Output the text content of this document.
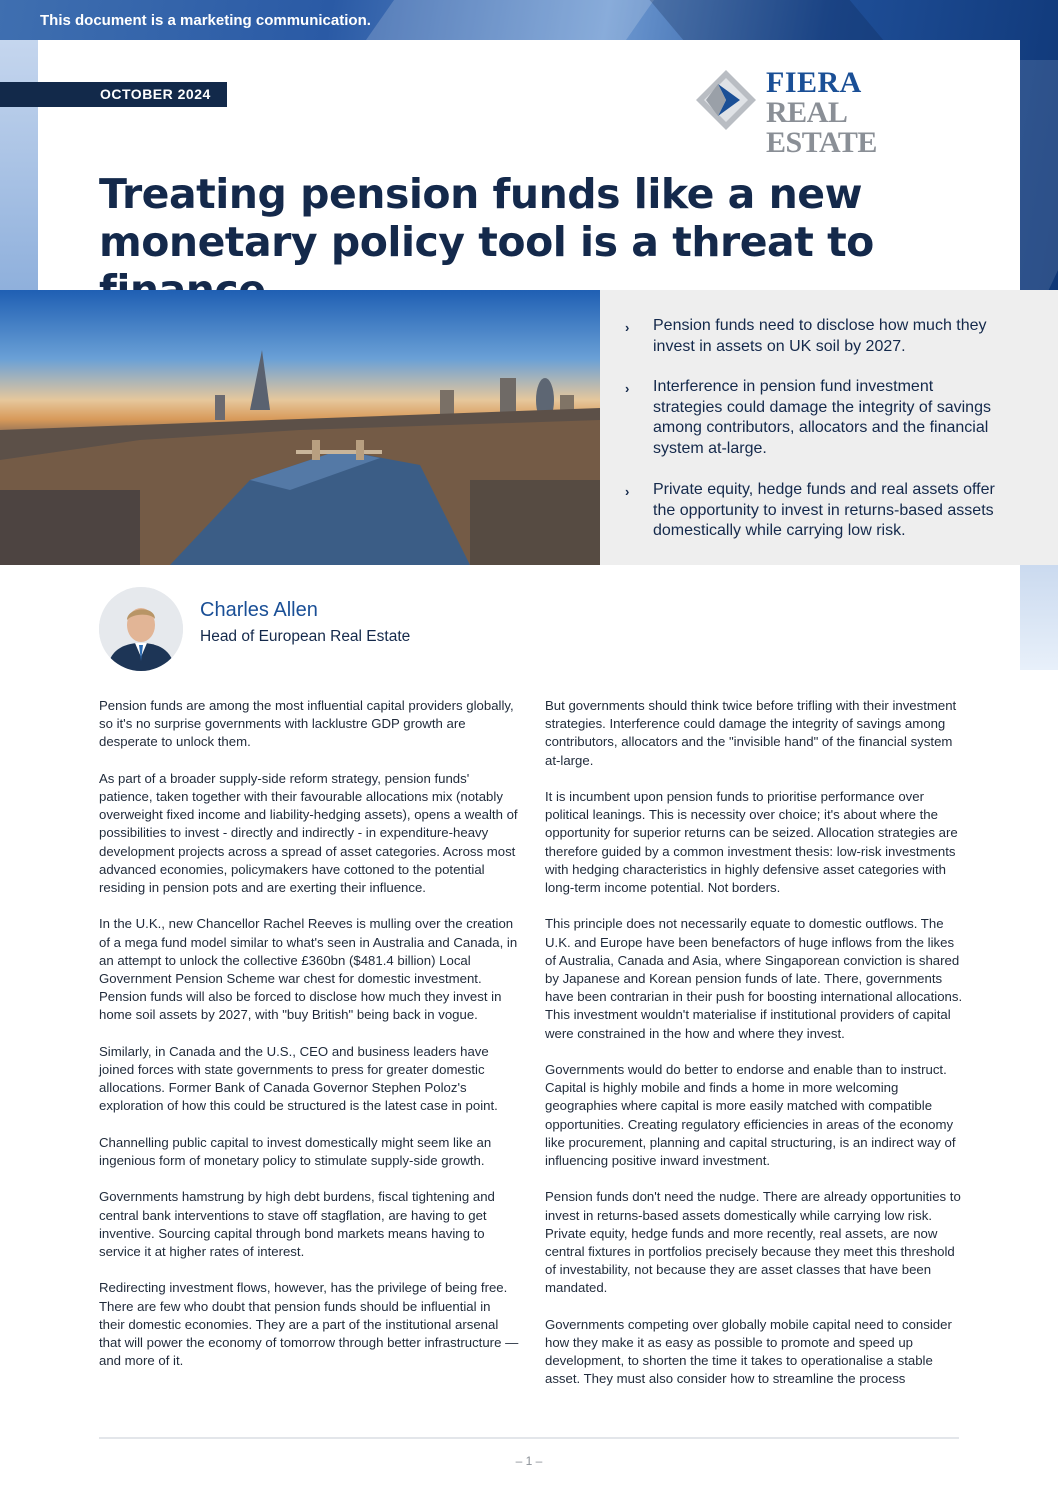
This document is a marketing communication.
OCTOBER 2024	FIERA
REAL ESTATE
Treating pension funds like a new monetary policy tool is a threat to
› Pension funds need to disclose how much they invest in assets on UK soil by 2027.
› Interference in pension fund investment strategies could damage the integrity of savings among contributors, allocators and the financial system at-large.
› Private equity, hedge funds and real assets offer the opportunity to invest in returns-based assets domestically while carrying low risk.
Charles Allen
Head of European Real Estate

Pension funds are among the most influential capital providers globally, so it's no surprise governments with lacklustre GDP growth are desperate to unlock them.

As part of a broader supply-side reform strategy, pension funds' patience, taken together with their favourable allocations mix (notably overweight fixed income and liability-hedging assets), opens a wealth of possibilities to invest - directly and indirectly - in expenditure-heavy development projects across a spread of asset categories. Across most advanced economies, policymakers have cottoned to the potential residing in pension pots and are exerting their influence.

In the U.K., new Chancellor Rachel Reeves is mulling over the creation of a mega fund model similar to what's seen in Australia and Canada, in an attempt to unlock the collective £360bn ($481.4 billion) Local Government Pension Scheme war chest for domestic investment. Pension funds will also be forced to disclose how much they invest in home soil assets by 2027, with "buy British" being back in vogue.

Similarly, in Canada and the U.S., CEO and business leaders have joined forces with state governments to press for greater domestic allocations. Former Bank of Canada Governor Stephen Poloz's exploration of how this could be structured is the latest case in point.

Channelling public capital to invest domestically might seem like an ingenious form of monetary policy to stimulate supply-side growth.

Governments hamstrung by high debt burdens, fiscal tightening and central bank interventions to stave off stagflation, are having to get inventive. Sourcing capital through bond markets means having to service it at higher rates of interest.

Redirecting investment flows, however, has the privilege of being free. There are few who doubt that pension funds should be influential in their domestic economies. They are a part of the institutional arsenal that will power the economy of tomorrow through better infrastructure — and more of it.

But governments should think twice before trifling with their investment strategies. Interference could damage the integrity of savings among contributors, allocators and the "invisible hand" of the financial system at-large.

It is incumbent upon pension funds to prioritise performance over political leanings. This is necessity over choice; it's about where the opportunity for superior returns can be seized. Allocation strategies are therefore guided by a common investment thesis: low-risk investments with hedging characteristics in highly defensive asset categories with long-term income potential. Not borders.

This principle does not necessarily equate to domestic outflows. The U.K. and Europe have been benefactors of huge inflows from the likes of Australia, Canada and Asia, where Singaporean conviction is shared by Japanese and Korean pension funds of late. There, governments have been contrarian in their push for boosting international allocations. This investment wouldn't materialise if institutional providers of capital were constrained in the how and where they invest.

Governments would do better to endorse and enable than to instruct. Capital is highly mobile and finds a home in more welcoming geographies where capital is more easily matched with compatible opportunities. Creating regulatory efficiencies in areas of the economy like procurement, planning and capital structuring, is an indirect way of influencing positive inward investment.

Pension funds don't need the nudge. There are already opportunities to invest in returns-based assets domestically while carrying low risk. Private equity, hedge funds and more recently, real assets, are now central fixtures in portfolios precisely because they meet this threshold of investability, not because they are asset classes that have been mandated.

Governments competing over globally mobile capital need to consider how they make it as easy as possible to promote and speed up development, to shorten the time it takes to operationalise a stable asset. They must also consider how to streamline the process

– 1 –
